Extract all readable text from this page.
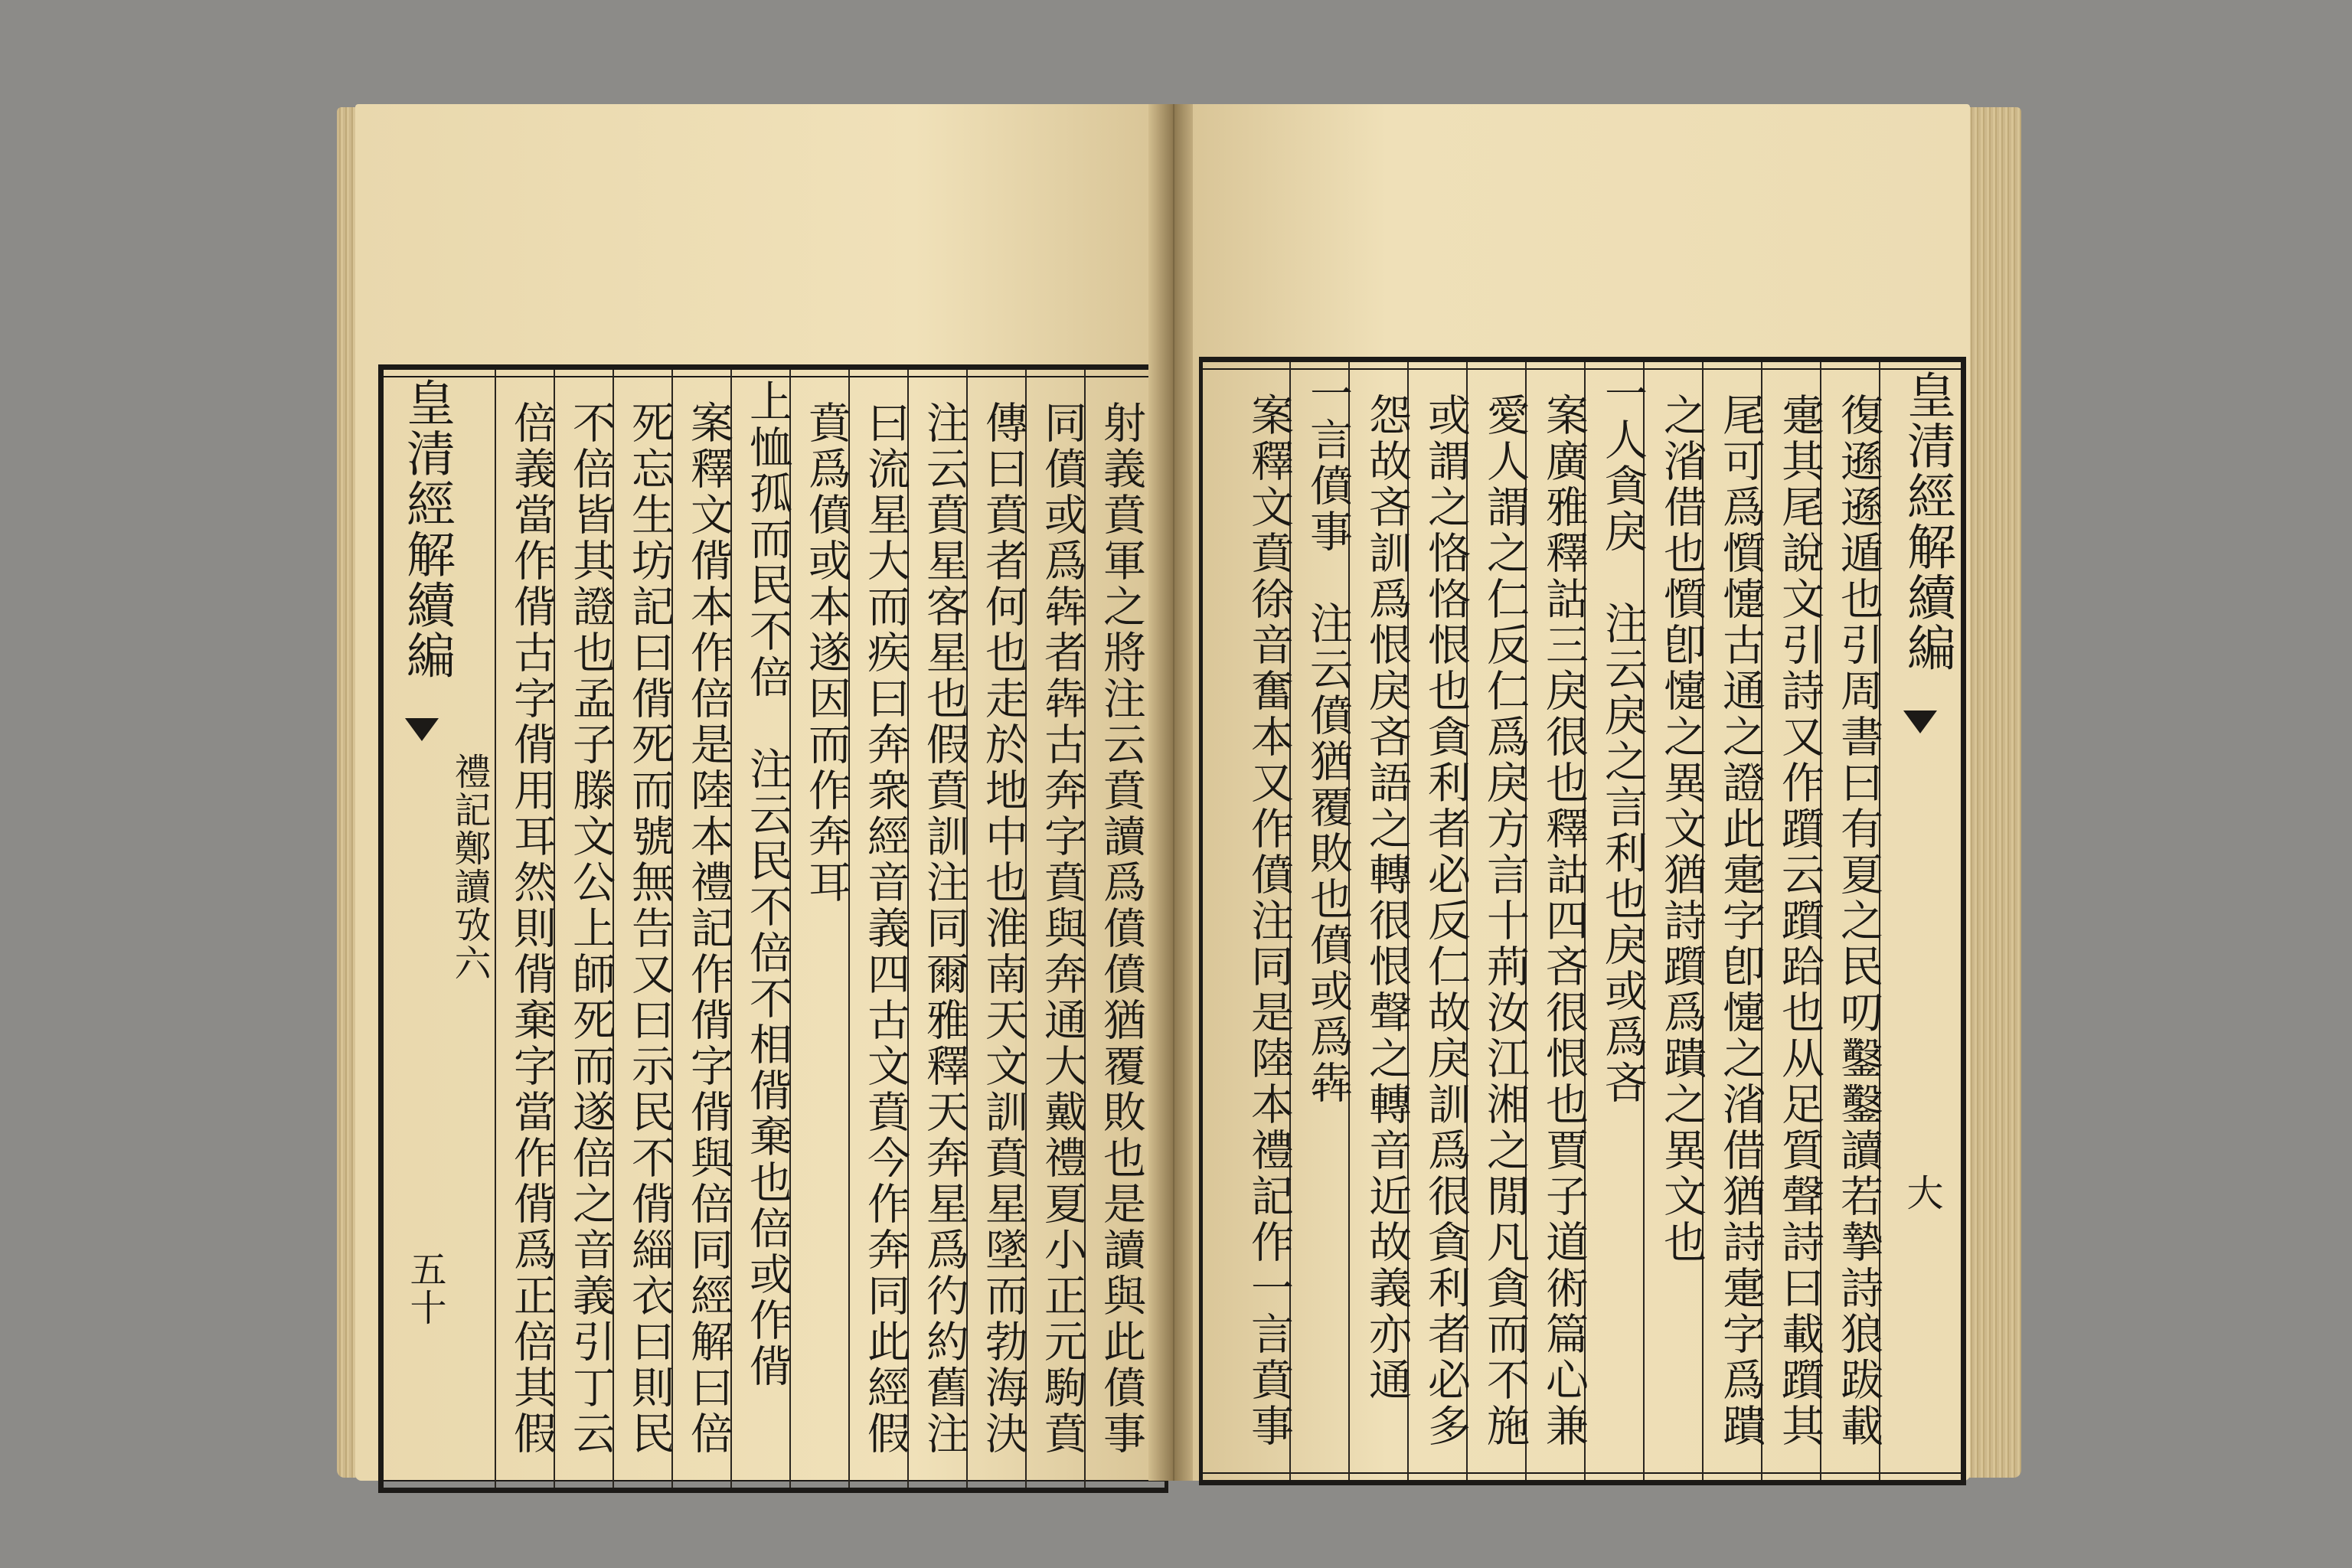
射義賁軍之將注云賁讀爲僨僨猶覆敗也是讀與此僨事
同僨或爲犇者犇古奔字賁與奔通大戴禮夏小正元駒賁
傳曰賁者何也走於地中也淮南天文訓賁星墜而勃海決
注云賁星客星也假賁訓注同爾雅釋天奔星爲彴約舊注
曰流星大而疾曰奔衆經音義四古文賁今作奔同此經假
賁爲僨或本遂因而作奔耳
上恤孤而民不倍　注云民不倍不相偝棄也倍或作偝
案釋文偝本作倍是陸本禮記作偝字偝與倍同經解曰倍
死忘生坊記曰偝死而號無告又曰示民不偝緇衣曰則民
不倍皆其證也孟子滕文公上師死而遂倍之音義引丁云
倍義當作偝古字偝用耳然則偝棄字當作偝爲正倍其假
皇清經解續編
禮記鄭讀攷六
五十
皇清經解續編
大
復遜遜遁也引周書曰有夏之民叨鑿鑿讀若摯詩狼跋載
疐其尾說文引詩又作躓云躓跲也从足質聲詩曰載躓其
尾可爲懫懥古通之證此疐字卽懥之渻借猶詩疐字爲蹪
之渻借也懫卽懥之異文猶詩躓爲蹪之異文也
一人貪戾　注云戾之言利也戾或爲吝
案廣雅釋詁三戾很也釋詁四吝很恨也賈子道術篇心兼
愛人謂之仁反仁爲戾方言十荊汝江湘之閒凡貪而不施
或謂之恪恪恨也貪利者必反仁故戾訓爲很貪利者必多
怨故吝訓爲恨戾吝語之轉很恨聲之轉音近故義亦通
一言僨事　注云僨猶覆敗也僨或爲犇
案釋文賁徐音奮本又作僨注同是陸本禮記作一言賁事
